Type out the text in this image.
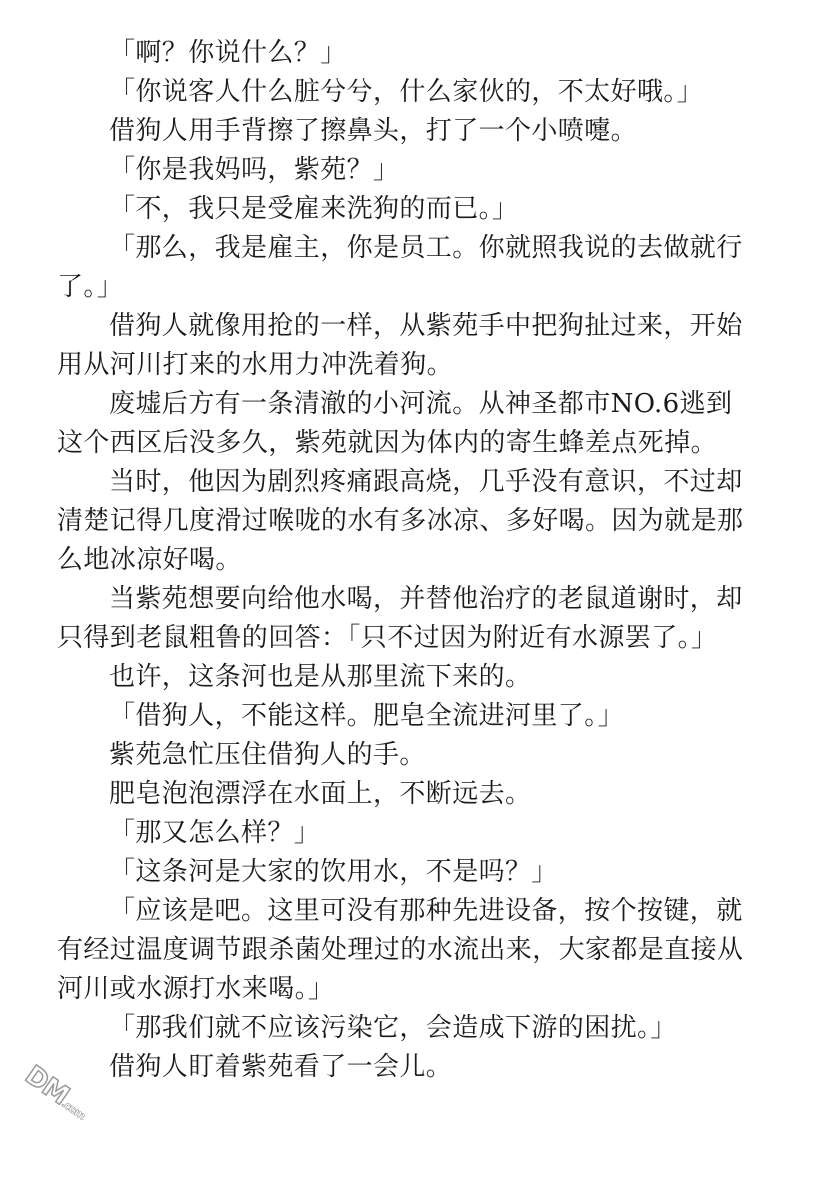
「啊？你说什么？」

「你说客人什么脏兮兮，什么家伙的，不太好哦。」

借狗人用手背擦了擦鼻头，打了一个小喷嚏。

「你是我妈吗，紫苑？」

「不，我只是受雇来洗狗的而已。」

「那么，我是雇主，你是员工。你就照我说的去做就行了。」

借狗人就像用抢的一样，从紫苑手中把狗扯过来，开始用从河川打来的水用力冲洗着狗。

废墟后方有一条清澈的小河流。从神圣都市NO.6逃到这个西区后没多久，紫苑就因为体内的寄生蜂差点死掉。

当时，他因为剧烈疼痛跟高烧，几乎没有意识，不过却清楚记得几度滑过喉咙的水有多冰凉、多好喝。因为就是那么地冰凉好喝。

当紫苑想要向给他水喝，并替他治疗的老鼠道谢时，却只得到老鼠粗鲁的回答：「只不过因为附近有水源罢了。」

也许，这条河也是从那里流下来的。

「借狗人，不能这样。肥皂全流进河里了。」

紫苑急忙压住借狗人的手。

肥皂泡泡漂浮在水面上，不断远去。

「那又怎么样？」

「这条河是大家的饮用水，不是吗？」

「应该是吧。这里可没有那种先进设备，按个按键，就有经过温度调节跟杀菌处理过的水流出来，大家都是直接从河川或水源打水来喝。」

「那我们就不应该污染它，会造成下游的困扰。」

借狗人盯着紫苑看了一会儿。

DM.com
